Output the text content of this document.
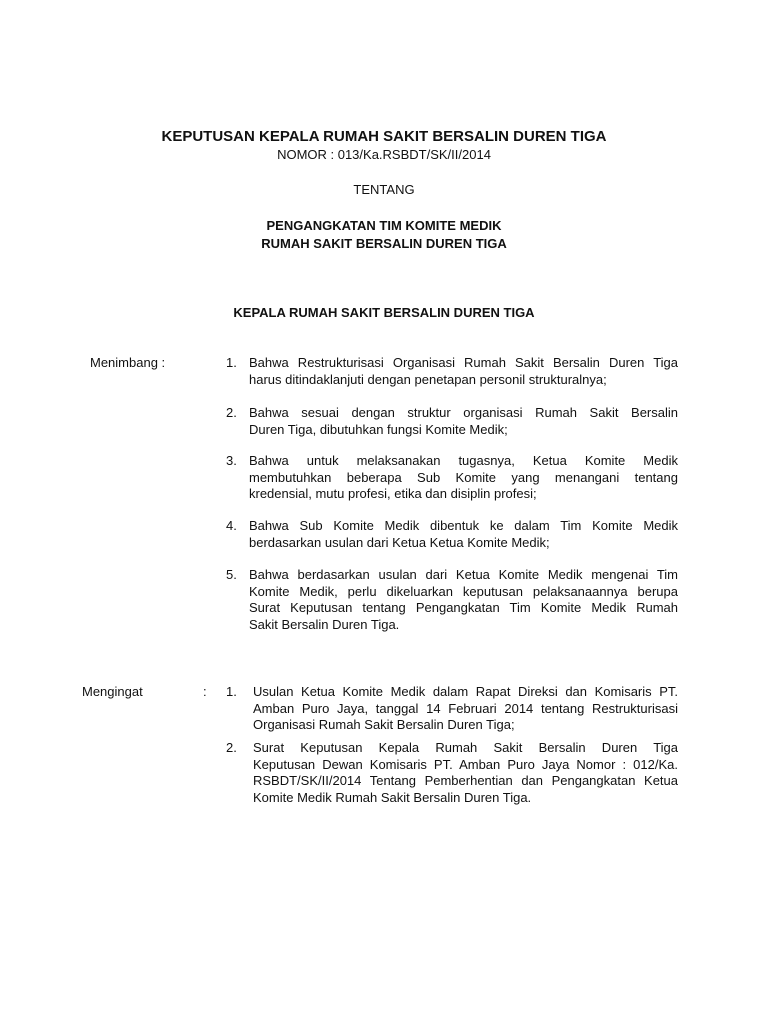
KEPUTUSAN KEPALA RUMAH SAKIT BERSALIN DUREN TIGA
NOMOR : 013/Ka.RSBDT/SK/II/2014
TENTANG
PENGANGKATAN TIM KOMITE MEDIK
RUMAH SAKIT BERSALIN DUREN TIGA
KEPALA RUMAH SAKIT BERSALIN DUREN TIGA
Menimbang :	1. Bahwa Restrukturisasi Organisasi Rumah Sakit Bersalin Duren Tiga
harus ditindaklanjuti dengan penetapan personil strukturalnya;
2. Bahwa sesuai dengan struktur organisasi Rumah Sakit Bersalin
Duren Tiga, dibutuhkan fungsi Komite Medik;
3. Bahwa untuk melaksanakan tugasnya, Ketua Komite Medik
membutuhkan beberapa Sub Komite yang menangani tentang
kredensial, mutu profesi, etika dan disiplin profesi;
4. Bahwa Sub Komite Medik dibentuk ke dalam Tim Komite Medik
berdasarkan usulan dari Ketua Ketua Komite Medik;
5. Bahwa berdasarkan usulan dari Ketua Komite Medik mengenai Tim
Komite Medik, perlu dikeluarkan keputusan pelaksanaannya berupa
Surat Keputusan tentang Pengangkatan Tim Komite Medik Rumah
Sakit Bersalin Duren Tiga.
Mengingat	: 1. Usulan Ketua Komite Medik dalam Rapat Direksi dan Komisaris PT.
Amban Puro Jaya, tanggal 14 Februari 2014 tentang Restrukturisasi
Organisasi Rumah Sakit Bersalin Duren Tiga;
2. Surat Keputusan Kepala Rumah Sakit Bersalin Duren Tiga
Keputusan Dewan Komisaris PT. Amban Puro Jaya Nomor : 012/Ka.
RSBDT/SK/II/2014 Tentang Pemberhentian dan Pengangkatan Ketua
Komite Medik Rumah Sakit Bersalin Duren Tiga.
